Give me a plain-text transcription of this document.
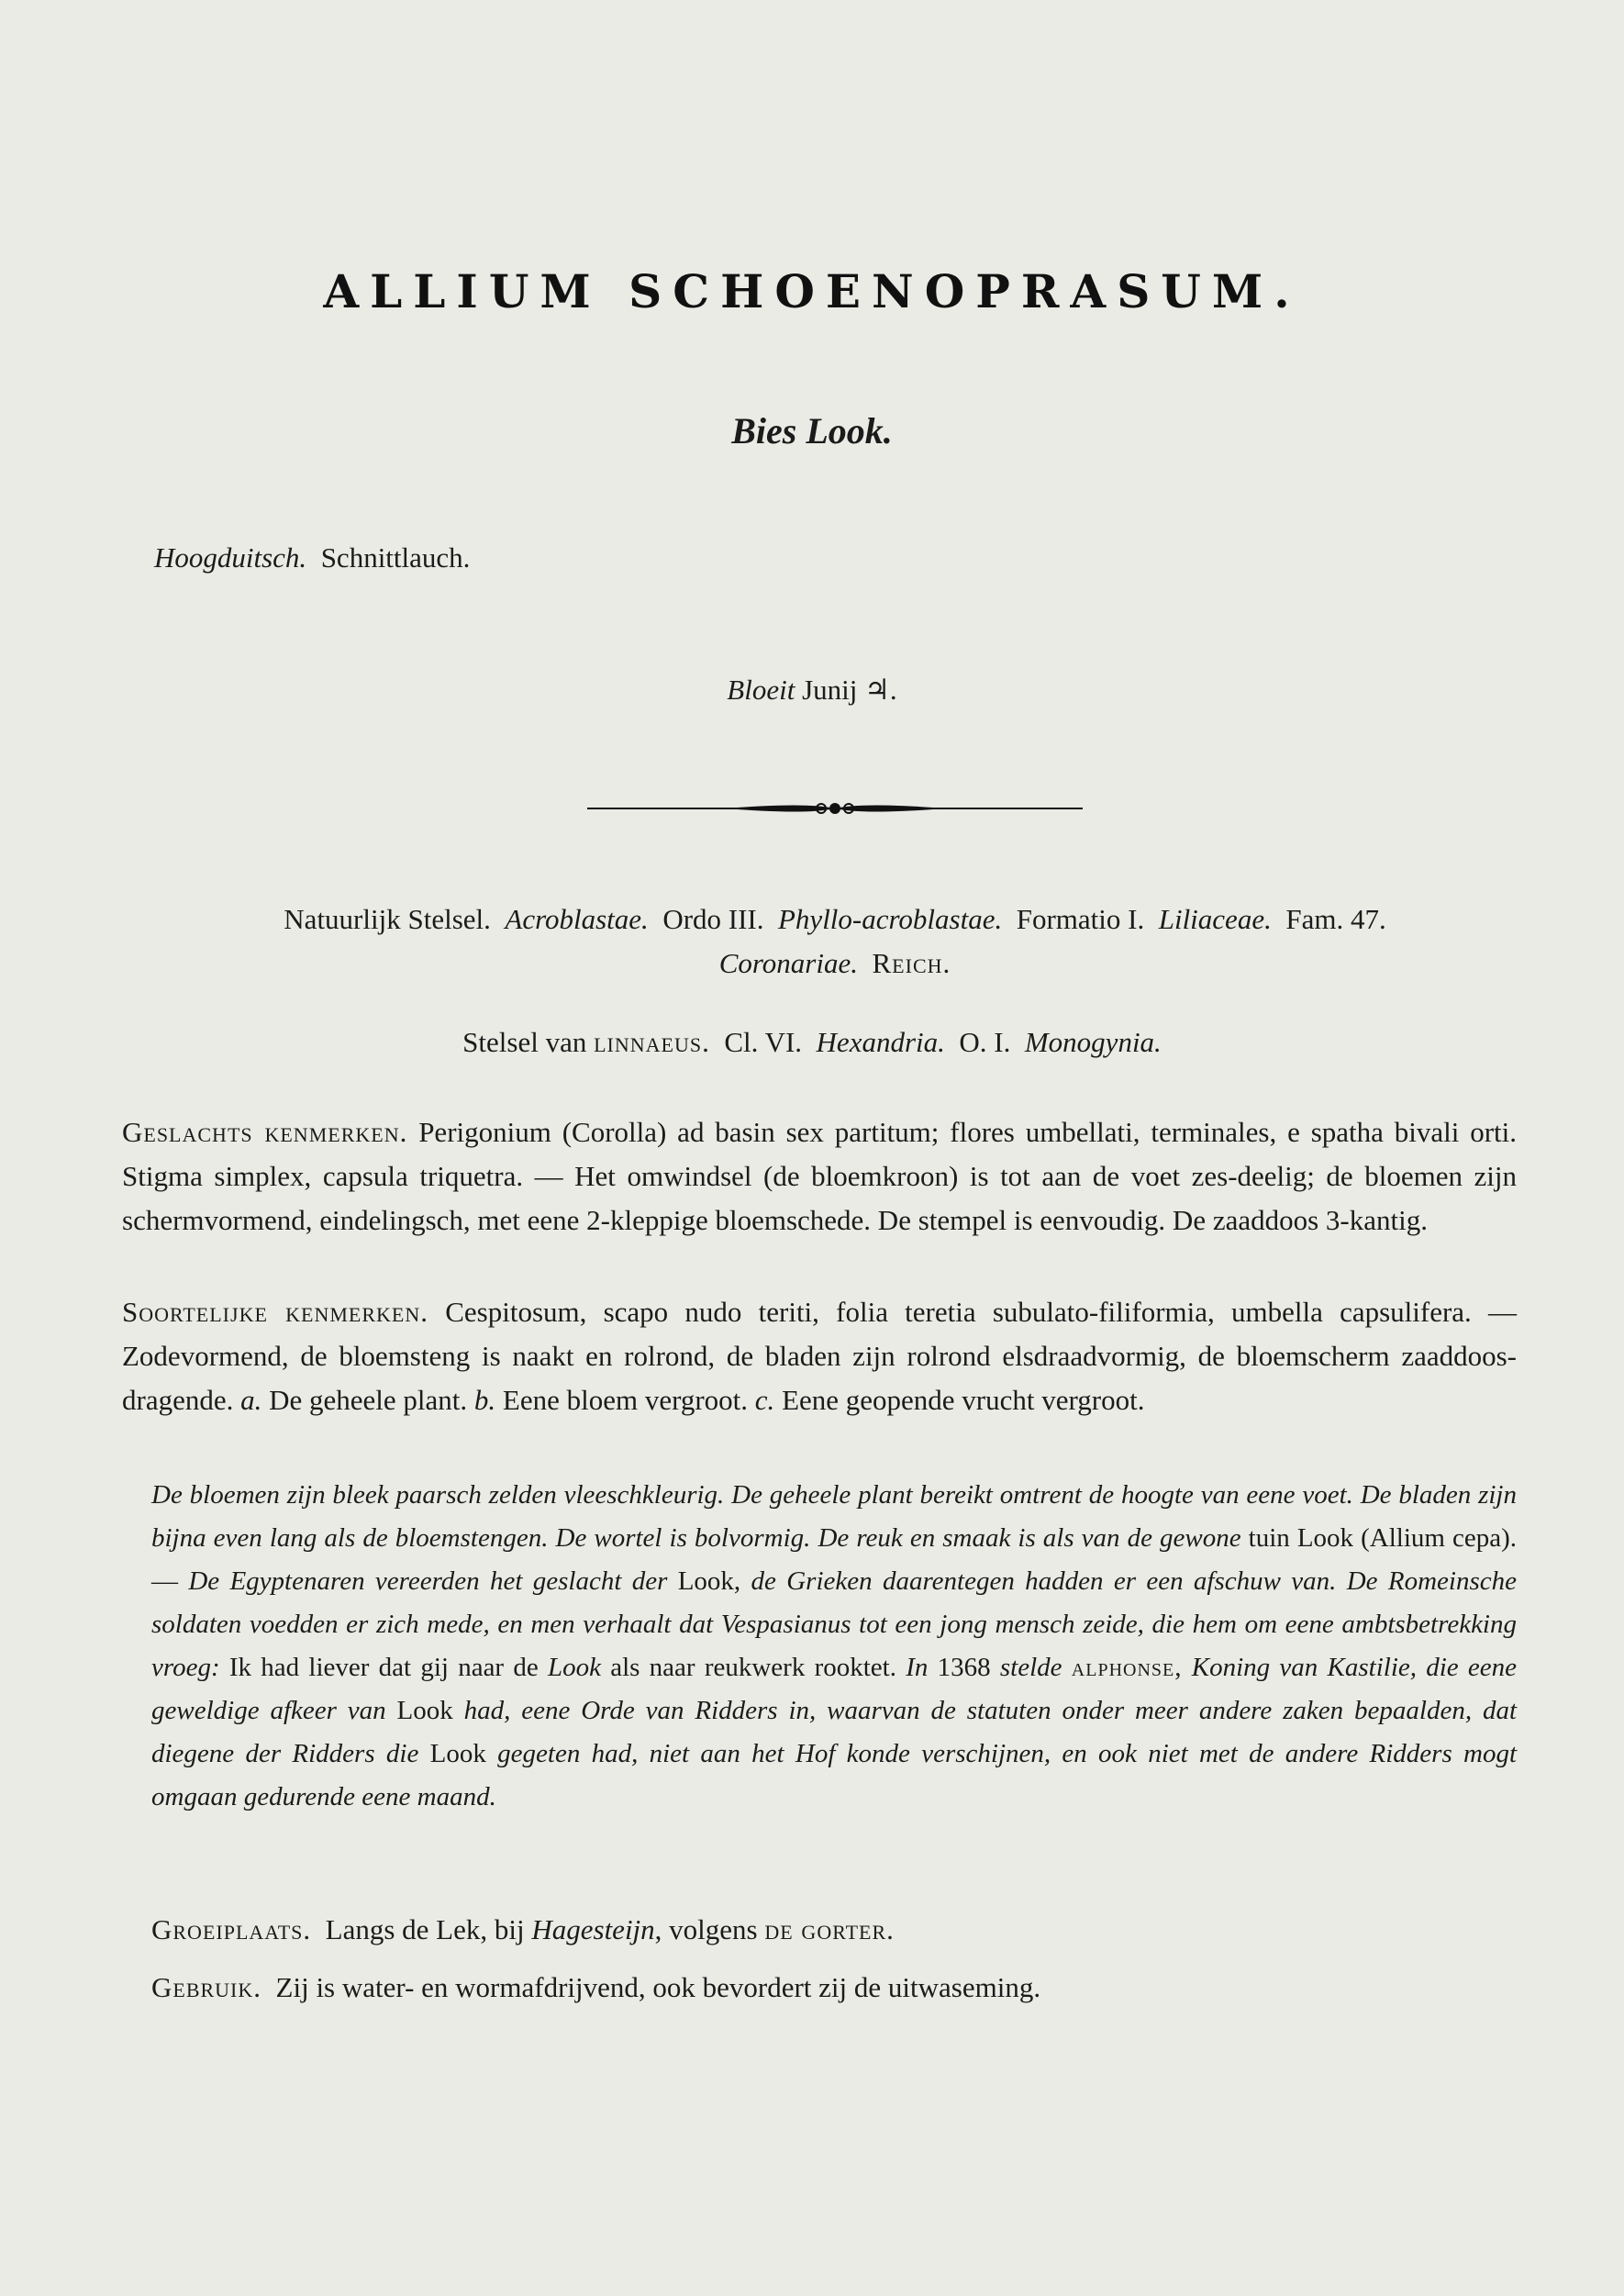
ALLIUM SCHOENOPRASUM.
Bies Look.
Hoogduitsch. Schnittlauch.
Bloeit Junij ♃.
Natuurlijk Stelsel. Acroblastae. Ordo III. Phyllo-acroblastae. Formatio I. Liliaceae. Fam. 47.
Coronariae. Reich.
Stelsel van linnaeus. Cl. VI. Hexandria. O. I. Monogynia.
Geslachts kenmerken. Perigonium (Corolla) ad basin sex partitum; flores umbellati, terminales, e spatha bivali orti. Stigma simplex, capsula triquetra. — Het omwindsel (de bloemkroon) is tot aan de voet zes-deelig; de bloemen zijn schermvormend, eindelingsch, met eene 2-kleppige bloemschede. De stempel is eenvoudig. De zaaddoos 3-kantig.
Soortelijke kenmerken. Cespitosum, scapo nudo teriti, folia teretia subulato-filiformia, umbella capsulifera. — Zodevormend, de bloemsteng is naakt en rolrond, de bladen zijn rolrond elsdraadvormig, de bloemscherm zaaddoos-dragende. a. De geheele plant. b. Eene bloem vergroot. c. Eene geopende vrucht vergroot.
De bloemen zijn bleek paarsch zelden vleeschkleurig. De geheele plant bereikt omtrent de hoogte van eene voet. De bladen zijn bijna even lang als de bloemstengen. De wortel is bolvormig. De reuk en smaak is als van de gewone tuin Look (Allium cepa). — De Egyptenaren vereerden het geslacht der Look, de Grieken daarentegen hadden er een afschuw van. De Romeinsche soldaten voedden er zich mede, en men verhaalt dat Vespasianus tot een jong mensch zeide, die hem om eene ambtsbetrekking vroeg: Ik had liever dat gij naar de Look als naar reukwerk rooktet. In 1368 stelde alphonse, Koning van Kastilie, die eene geweldige afkeer van Look had, eene Orde van Ridders in, waarvan de statuten onder meer andere zaken bepaalden, dat diegene der Ridders die Look gegeten had, niet aan het Hof konde verschijnen, en ook niet met de andere Ridders mogt omgaan gedurende eene maand.
Groeiplaats. Langs de Lek, bij Hagesteijn, volgens de gorter.
Gebruik. Zij is water- en wormafdrijvend, ook bevordert zij de uitwaseming.
